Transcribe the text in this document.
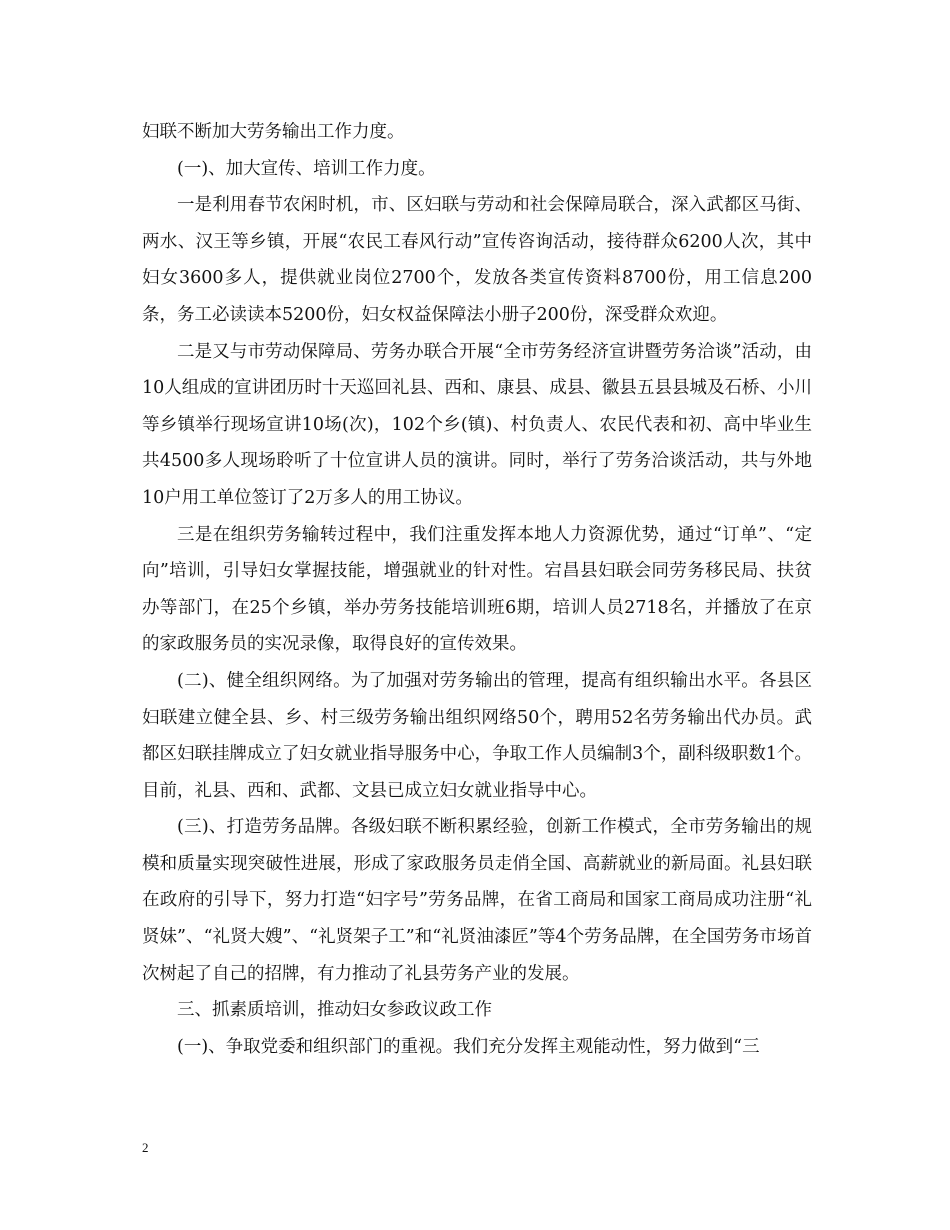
妇联不断加大劳务输出工作力度。

(一)、加大宣传、培训工作力度。

一是利用春节农闲时机，市、区妇联与劳动和社会保障局联合，深入武都区马街、两水、汉王等乡镇，开展“农民工春风行动”宣传咨询活动，接待群众6200人次，其中妇女3600多人，提供就业岗位2700个，发放各类宣传资料8700份，用工信息200条，务工必读读本5200份，妇女权益保障法小册子200份，深受群众欢迎。

二是又与市劳动保障局、劳务办联合开展“全市劳务经济宣讲暨劳务洽谈”活动，由10人组成的宣讲团历时十天巡回礼县、西和、康县、成县、徽县五县县城及石桥、小川等乡镇举行现场宣讲10场(次)，102个乡(镇)、村负责人、农民代表和初、高中毕业生共4500多人现场聆听了十位宣讲人员的演讲。同时，举行了劳务洽谈活动，共与外地10户用工单位签订了2万多人的用工协议。

三是在组织劳务输转过程中，我们注重发挥本地人力资源优势，通过“订单”、“定向”培训，引导妇女掌握技能，增强就业的针对性。宕昌县妇联会同劳务移民局、扶贫办等部门，在25个乡镇，举办劳务技能培训班6期，培训人员2718名，并播放了在京的家政服务员的实况录像，取得良好的宣传效果。

(二)、健全组织网络。为了加强对劳务输出的管理，提高有组织输出水平。各县区妇联建立健全县、乡、村三级劳务输出组织网络50个，聘用52名劳务输出代办员。武都区妇联挂牌成立了妇女就业指导服务中心，争取工作人员编制3个，副科级职数1个。目前，礼县、西和、武都、文县已成立妇女就业指导中心。

(三)、打造劳务品牌。各级妇联不断积累经验，创新工作模式，全市劳务输出的规模和质量实现突破性进展，形成了家政服务员走俏全国、高薪就业的新局面。礼县妇联在政府的引导下，努力打造“妇字号”劳务品牌，在省工商局和国家工商局成功注册“礼贤妹”、“礼贤大嫂”、“礼贤架子工”和“礼贤油漆匠”等4个劳务品牌，在全国劳务市场首次树起了自己的招牌，有力推动了礼县劳务产业的发展。

三、抓素质培训，推动妇女参政议政工作

(一)、争取党委和组织部门的重视。我们充分发挥主观能动性，努力做到“三

2
